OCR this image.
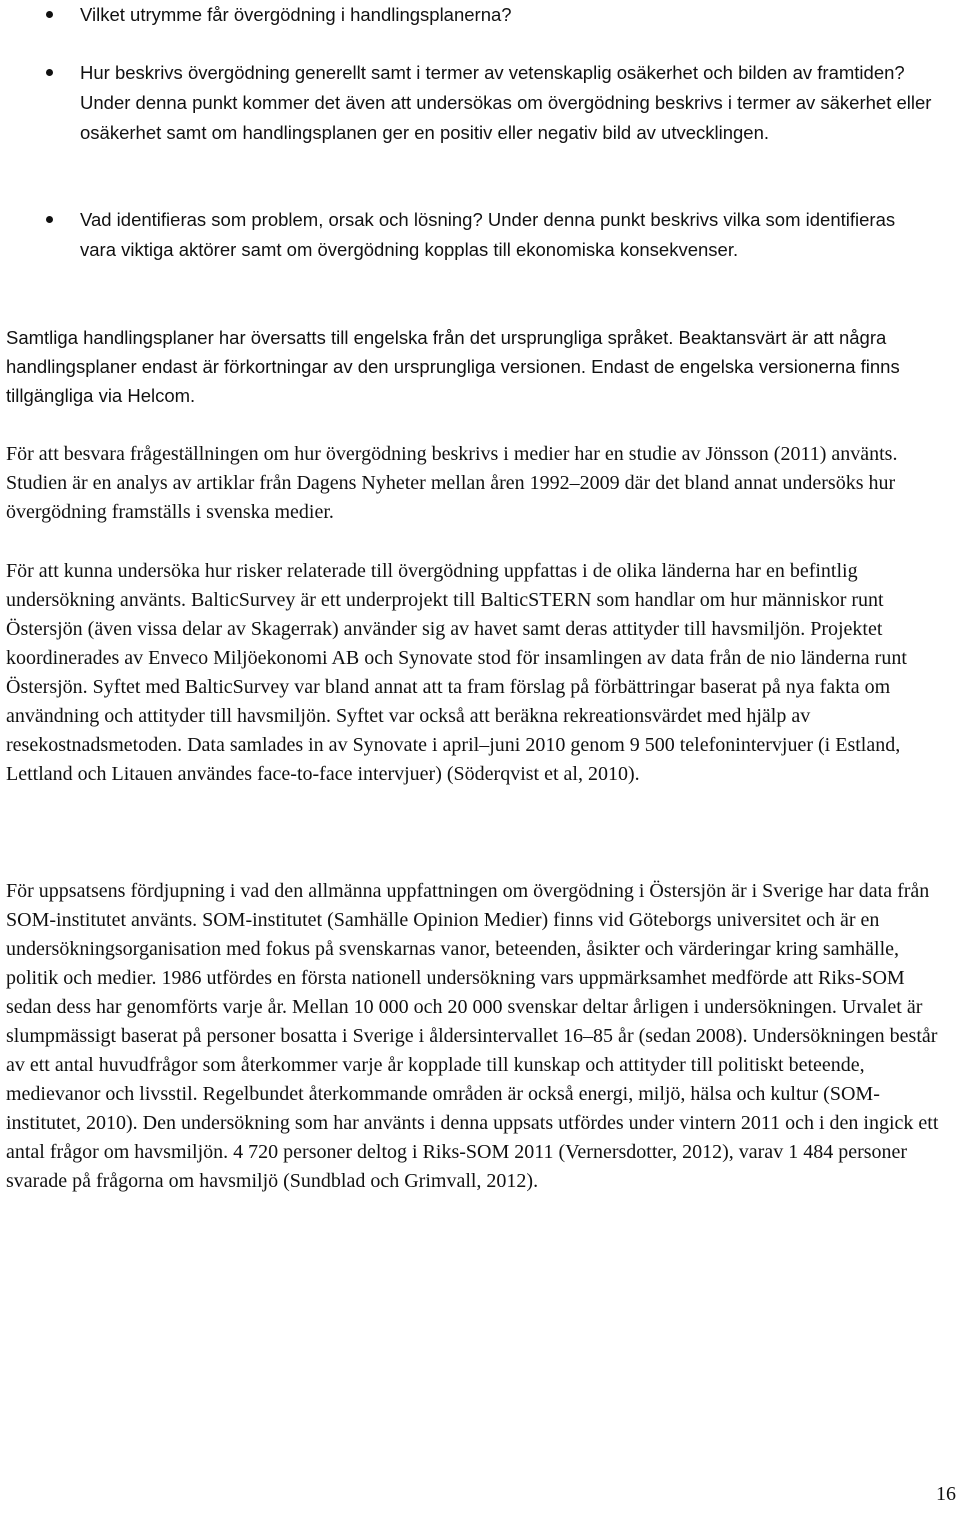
Vilket utrymme får övergödning i handlingsplanerna?
Hur beskrivs övergödning generellt samt i termer av vetenskaplig osäkerhet och bilden av framtiden? Under denna punkt kommer det även att undersökas om övergödning beskrivs i termer av säkerhet eller osäkerhet samt om handlingsplanen ger en positiv eller negativ bild av utvecklingen.
Vad identifieras som problem, orsak och lösning? Under denna punkt beskrivs vilka som identifieras vara viktiga aktörer samt om övergödning kopplas till ekonomiska konsekvenser.

Samtliga handlingsplaner har översatts till engelska från det ursprungliga språket. Beaktansvärt är att några handlingsplaner endast är förkortningar av den ursprungliga versionen. Endast de engelska versionerna finns tillgängliga via Helcom.

För att besvara frågeställningen om hur övergödning beskrivs i medier har en studie av Jönsson (2011) använts. Studien är en analys av artiklar från Dagens Nyheter mellan åren 1992–2009 där det bland annat undersöks hur övergödning framställs i svenska medier.

För att kunna undersöka hur risker relaterade till övergödning uppfattas i de olika länderna har en befintlig undersökning använts. BalticSurvey är ett underprojekt till BalticSTERN som handlar om hur människor runt Östersjön (även vissa delar av Skagerrak) använder sig av havet samt deras attityder till havsmiljön. Projektet koordinerades av Enveco Miljöekonomi AB och Synovate stod för insamlingen av data från de nio länderna runt Östersjön. Syftet med BalticSurvey var bland annat att ta fram förslag på förbättringar baserat på nya fakta om användning och attityder till havsmiljön. Syftet var också att beräkna rekreationsvärdet med hjälp av resekostnadsmetoden. Data samlades in av Synovate i april–juni 2010 genom 9 500 telefonintervjuer (i Estland, Lettland och Litauen användes face-to-face intervjuer) (Söderqvist et al, 2010).

För uppsatsens fördjupning i vad den allmänna uppfattningen om övergödning i Östersjön är i Sverige har data från SOM-institutet använts. SOM-institutet (Samhälle Opinion Medier) finns vid Göteborgs universitet och är en undersökningsorganisation med fokus på svenskarnas vanor, beteenden, åsikter och värderingar kring samhälle, politik och medier. 1986 utfördes en första nationell undersökning vars uppmärksamhet medförde att Riks-SOM sedan dess har genomförts varje år. Mellan 10 000 och 20 000 svenskar deltar årligen i undersökningen. Urvalet är slumpmässigt baserat på personer bosatta i Sverige i åldersintervallet 16–85 år (sedan 2008). Undersökningen består av ett antal huvudfrågor som återkommer varje år kopplade till kunskap och attityder till politiskt beteende, medievanor och livsstil. Regelbundet återkommande områden är också energi, miljö, hälsa och kultur (SOM-institutet, 2010). Den undersökning som har använts i denna uppsats utfördes under vintern 2011 och i den ingick ett antal frågor om havsmiljön. 4 720 personer deltog i Riks-SOM 2011 (Vernersdotter, 2012), varav 1 484 personer svarade på frågorna om havsmiljö (Sundblad och Grimvall, 2012).

16
